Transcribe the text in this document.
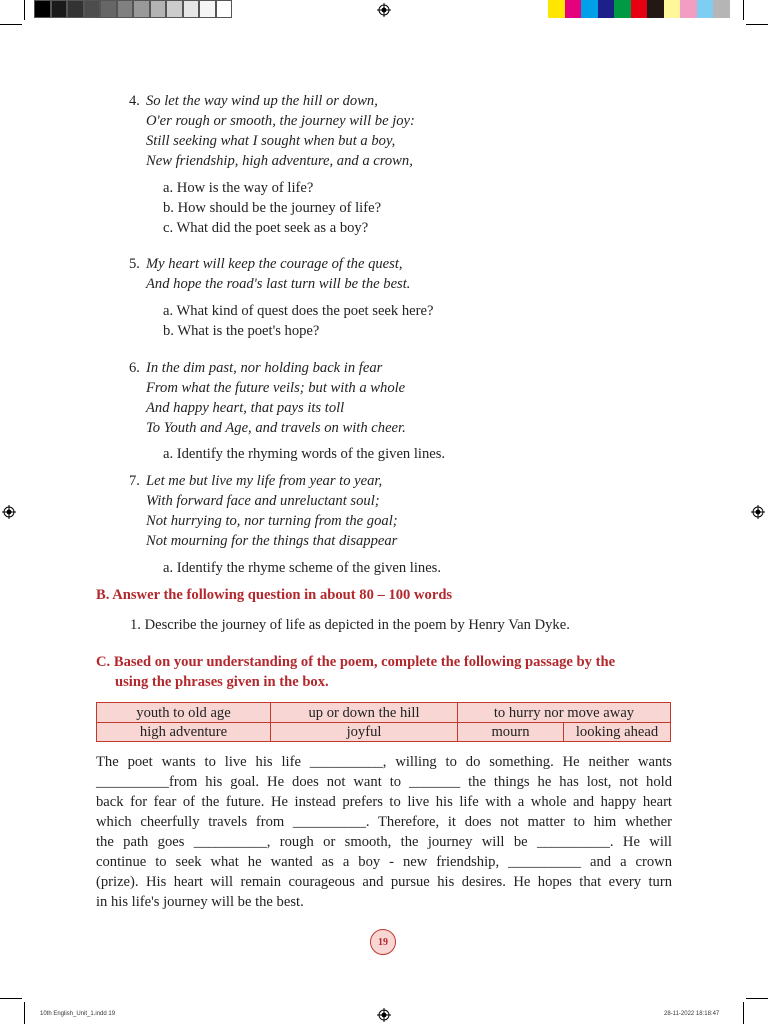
4. So let the way wind up the hill or down,
O'er rough or smooth, the journey will be joy:
Still seeking what I sought when but a boy,
New friendship, high adventure, and a crown,
a. How is the way of life?
b. How should be the journey of life?
c. What did the poet seek as a boy?
5. My heart will keep the courage of the quest,
And hope the road's last turn will be the best.
a. What kind of quest does the poet seek here?
b. What is the poet's hope?
6. In the dim past, nor holding back in fear
From what the future veils; but with a whole
And happy heart, that pays its toll
To Youth and Age, and travels on with cheer.
a. Identify the rhyming words of the given lines.
7. Let me but live my life from year to year,
With forward face and unreluctant soul;
Not hurrying to, nor turning from the goal;
Not mourning for the things that disappear
a. Identify the rhyme scheme of the given lines.
B. Answer the following question in about 80 – 100 words
1. Describe the journey of life as depicted in the poem by Henry Van Dyke.
C. Based on your understanding of the poem, complete the following passage by the
using the phrases given in the box.
youth to old age	up or down the hill	to hurry nor move away
high adventure	joyful	mourn	looking ahead
The poet wants to live his life __________, willing to do something. He neither wants
__________from his goal. He does not want to _______ the things he has lost, not hold
back for fear of the future. He instead prefers to live his life with a whole and happy heart
which cheerfully travels from __________. Therefore, it does not matter to him whether
the path goes __________, rough or smooth, the journey will be __________. He will
continue to seek what he wanted as a boy - new friendship, __________ and a crown
(prize). His heart will remain courageous and pursue his desires. He hopes that every turn
in his life's journey will be the best.
19
10th English_Unit_1.indd 19	28-11-2022 18:18:47
